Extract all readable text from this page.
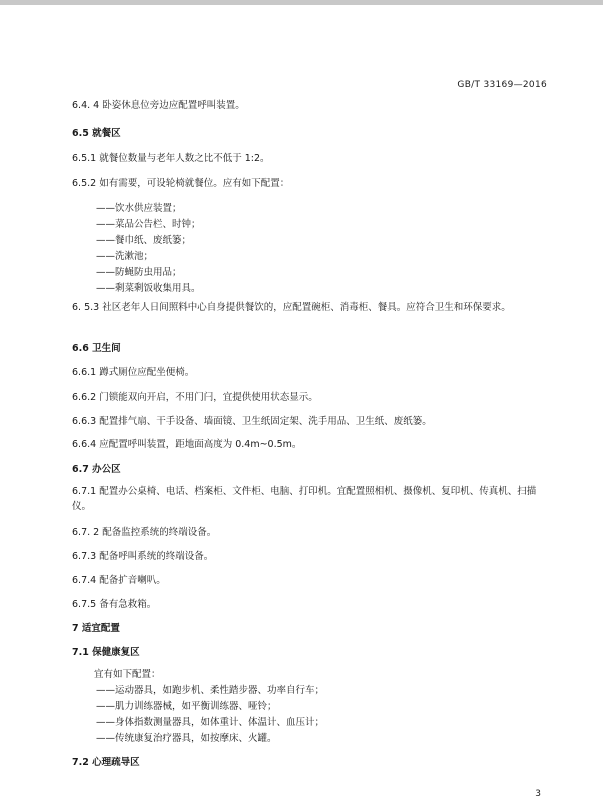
GB/T 33169—2016
6.4. 4 卧姿休息位旁边应配置呼叫装置。
6.5 就餐区
6.5.1 就餐位数量与老年人数之比不低于 1:2。
6.5.2 如有需要，可设轮椅就餐位。应有如下配置：
——饮水供应装置；
——菜品公告栏、时钟；
——餐巾纸、废纸篓；
——洗漱池；
——防蝇防虫用品；
——剩菜剩饭收集用具。
6. 5.3 社区老年人日间照料中心自身提供餐饮的，应配置碗柜、消毒柜、餐具。应符合卫生和环保要求。
6.6 卫生间
6.6.1 蹲式厕位应配坐便椅。
6.6.2 门锁能双向开启，不用门闩，宜提供使用状态显示。
6.6.3 配置排气扇、干手设备、墙面镜、卫生纸固定架、洗手用品、卫生纸、废纸篓。
6.6.4 应配置呼叫装置，距地面高度为 0.4m~0.5m。
6.7 办公区
6.7.1 配置办公桌椅、电话、档案柜、文件柜、电脑、打印机。宜配置照相机、摄像机、复印机、传真机、扫描仪。
6.7. 2 配备监控系统的终端设备。
6.7.3 配备呼叫系统的终端设备。
6.7.4 配备扩音喇叭。
6.7.5 备有急救箱。
7 适宜配置
7.1 保健康复区
宜有如下配置：
——运动器具，如跑步机、柔性踏步器、功率自行车；
——肌力训练器械，如平衡训练器、哑铃；
——身体指数测量器具，如体重计、体温计、血压计；
——传统康复治疗器具，如按摩床、火罐。
7.2 心理疏导区
3
